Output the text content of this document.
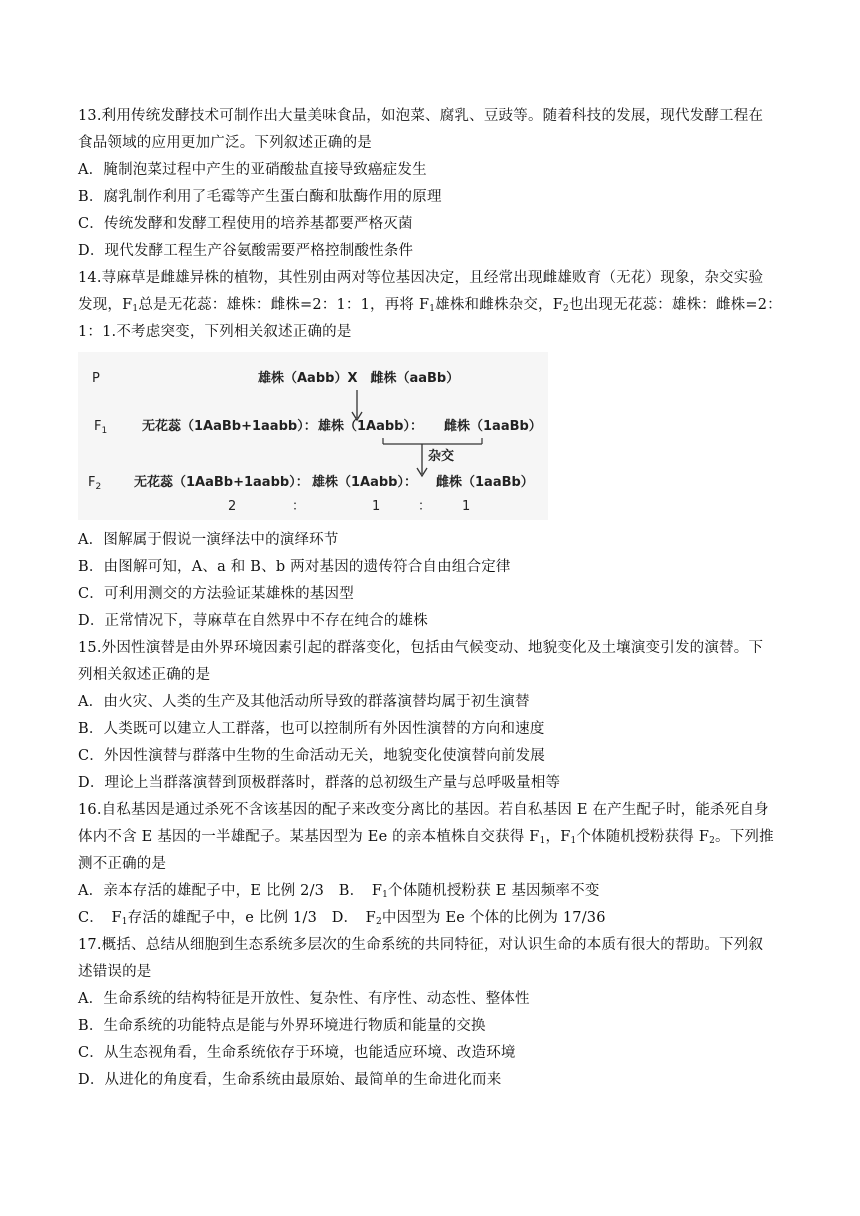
13.利用传统发酵技术可制作出大量美味食品，如泡菜、腐乳、豆豉等。随着科技的发展，现代发酵工程在
食品领域的应用更加广泛。下列叙述正确的是
A．腌制泡菜过程中产生的亚硝酸盐直接导致癌症发生
B．腐乳制作利用了毛霉等产生蛋白酶和肽酶作用的原理
C．传统发酵和发酵工程使用的培养基都要严格灭菌
D．现代发酵工程生产谷氨酸需要严格控制酸性条件
14.荨麻草是雌雄异株的植物，其性别由两对等位基因决定，且经常出现雌雄败育（无花）现象，杂交实验
发现，$F_1$总是无花蕊：雄株：雌株=2：1：1，再将 $F_1$雄株和雌株杂交，$F_2$也出现无花蕊：雄株：雌株=2：
1：1.不考虑突变，下列相关叙述正确的是
P	雄株（Aabb）X　雌株（aaBb）
$F_1$	无花蕊（1AaBb+1aabb）： 雄株（1Aabb）： 雌株（1aaBb）
杂交
$F_2$	无花蕊（1AaBb+1aabb）： 雄株（1Aabb）： 雌株（1aaBb）
2	：	1	： 1
A．图解属于假说一演绎法中的演绎环节
B．由图解可知，A、a 和 B、b 两对基因的遗传符合自由组合定律
C．可利用测交的方法验证某雄株的基因型
D．正常情况下，荨麻草在自然界中不存在纯合的雄株
15.外因性演替是由外界环境因素引起的群落变化，包括由气候变动、地貌变化及土壤演变引发的演替。下
列相关叙述正确的是
A．由火灾、人类的生产及其他活动所导致的群落演替均属于初生演替
B．人类既可以建立人工群落，也可以控制所有外因性演替的方向和速度
C．外因性演替与群落中生物的生命活动无关，地貌变化使演替向前发展
D．理论上当群落演替到顶极群落时，群落的总初级生产量与总呼吸量相等
16.自私基因是通过杀死不含该基因的配子来改变分离比的基因。若自私基因 E 在产生配子时，能杀死自身
体内不含 E 基因的一半雄配子。某基因型为 Ee 的亲本植株自交获得 $F_1$，$F_1$个体随机授粉获得 $F_2$。下列推
测不正确的是
A．亲本存活的雄配子中，E 比例 2/3　B．　$F_1$个体随机授粉获 E 基因频率不变
C．　$F_1$存活的雄配子中，e 比例 1/3　D．　$F_2$中因型为 Ee 个体的比例为 17/36
17.概括、总结从细胞到生态系统多层次的生命系统的共同特征，对认识生命的本质有很大的帮助。下列叙
述错误的是
A．生命系统的结构特征是开放性、复杂性、有序性、动态性、整体性
B．生命系统的功能特点是能与外界环境进行物质和能量的交换
C．从生态视角看，生命系统依存于环境，也能适应环境、改造环境
D．从进化的角度看，生命系统由最原始、最简单的生命进化而来
